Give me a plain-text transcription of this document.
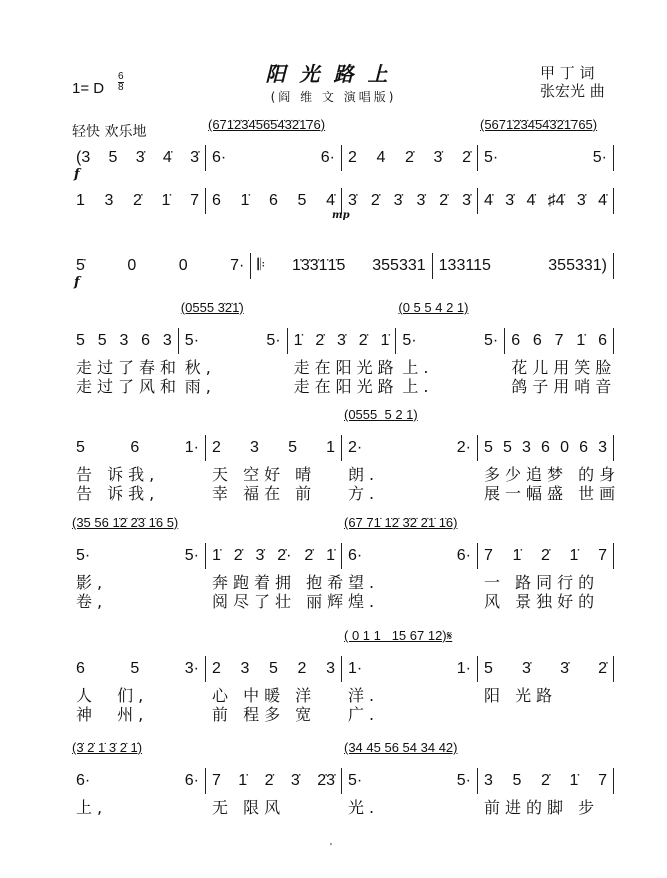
阳光路上
(阎 维 文 演唱版)
1= D
6
8
甲 丁 词
张宏光 曲
轻快 欢乐地
(3 5 3̇ 4̇ 3̇
(671̇2̇3̇4̇5̇6̇5̇4̇3̇2̇1̇76)
6·	6· 2 4 2̇ 3̇ 2̇
(5671̇2̇3̇4̇5̇4̇3̇2̇1̇765)
5·	5·
f
1 3 2̇ 1̇ 7 6 1̇ 6 5 4̇ 3̇ 2̇ 3̇ 3̇ 2̇ 3̇ 4̇ 3̇ 4̇ ♯4̇ 3̇ 4̇
mp
5̇	0	0	7· 𝄆 1̇3̇3̇1̇1̇5 355331 133115	355331)
f
5 5 3 6 3
(0555 3̇2̇1̇)
5·	5· 1̇ 2̇ 3̇ 2̇ 1̇
(0 5 5 4 2 1)
5·	5· 6 6 7 1̇ 6
走过了春和 秋,	走在阳光路 上.	花儿用笑脸
走过了风和 雨,	走在阳光路 上.	鸽子用哨音
5	6	1· 2 3 5 1
(0555  5 2 1)
2·	2· 5 5 3 6 0 6 3
告 诉我,	天 空好 晴	朗.	多少追梦 的身
告 诉我,	幸 福在 前	方.	展一幅盛 世画
(35 56 1̇2̇ 2̇3̇ 1̇6 5)
5·	5· 1̇ 2̇ 3̇ 2̇· 2̇ 1̇
(67 71̇ 1̇2̇ 3̇2̇ 2̇1̇ 1̇6)
6·	6· 7 1̇ 2̇ 1̇ 7
影,	奔跑着拥 抱希 望.	一 路同行的
卷,	阅尽了壮 丽辉 煌.	风 景独好的
6	5	3· 2 3 5 2 3
( 0 1 1   15 67 12)𝄋
1·	1· 5 3̇ 3̇ 2̇
人  们,	心 中暖 洋	洋.	阳 光路
神  州,	前 程多 宽	广.
(3̇ 2̇ 1̇ 3̇ 2̇ 1̇)
6·	6· 7 1̇ 2̇ 3̇ 2̇3̇
(34 45 56 54 34 42)
5·	5· 3 5 2̇ 1̇ 7
上,	无 限风	光.	前进的脚 步
'
